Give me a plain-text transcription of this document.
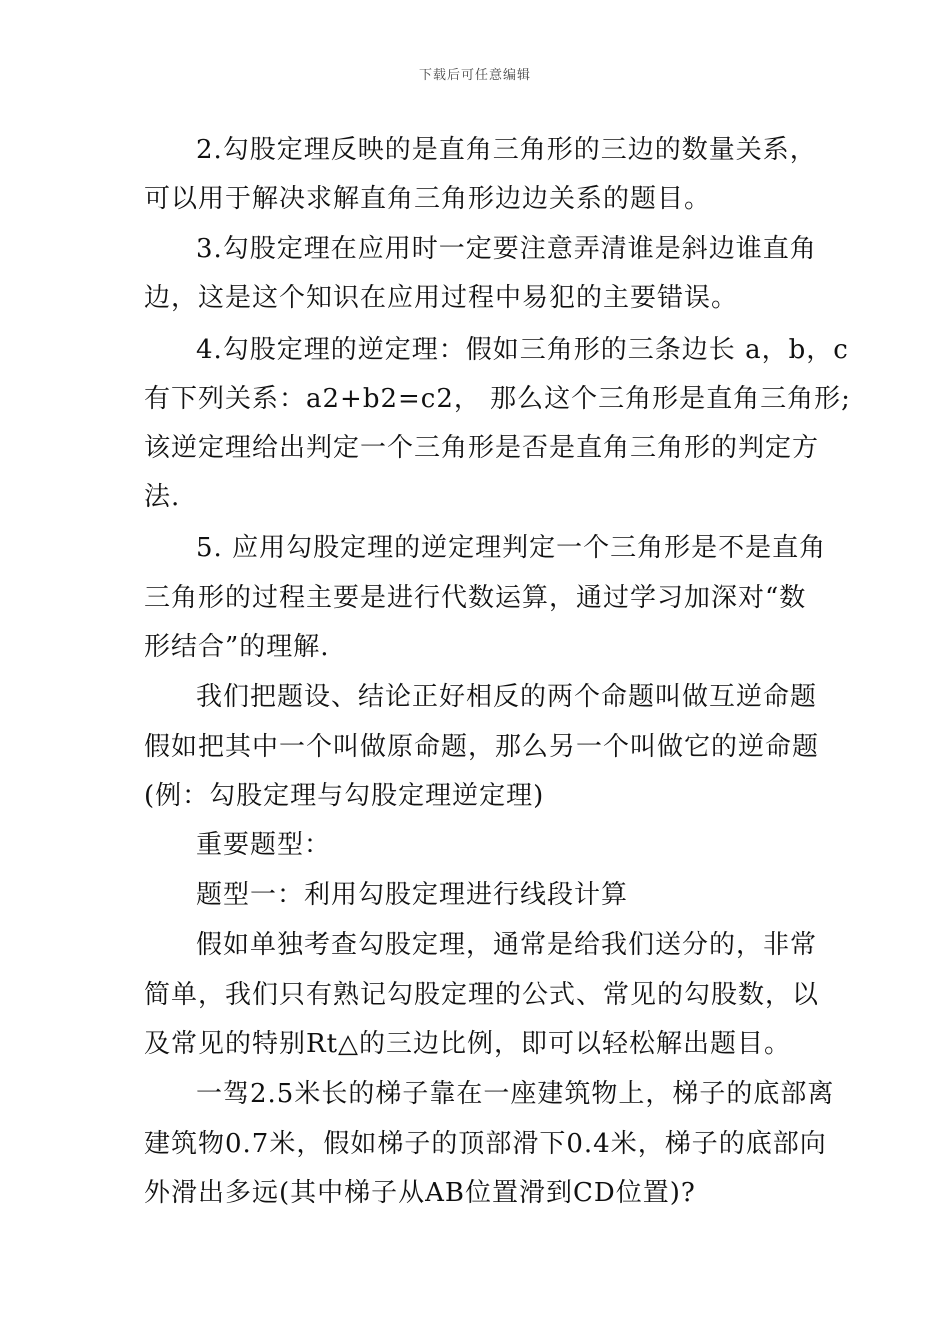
下载后可任意编辑
2.勾股定理反映的是直角三角形的三边的数量关系，
可以用于解决求解直角三角形边边关系的题目。
3.勾股定理在应用时一定要注意弄清谁是斜边谁直角
边，这是这个知识在应用过程中易犯的主要错误。
4.勾股定理的逆定理：假如三角形的三条边长 a，b，c
有下列关系：a2+b2=c2， 那么这个三角形是直角三角形;
该逆定理给出判定一个三角形是否是直角三角形的判定方
法.
5. 应用勾股定理的逆定理判定一个三角形是不是直角
三角形的过程主要是进行代数运算，通过学习加深对“数
形结合”的理解.
我们把题设、结论正好相反的两个命题叫做互逆命题
假如把其中一个叫做原命题，那么另一个叫做它的逆命题
(例：勾股定理与勾股定理逆定理)
重要题型：
题型一：利用勾股定理进行线段计算
假如单独考查勾股定理，通常是给我们送分的，非常
简单，我们只有熟记勾股定理的公式、常见的勾股数，以
及常见的特别Rt△的三边比例，即可以轻松解出题目。
一驾2.5米长的梯子靠在一座建筑物上，梯子的底部离
建筑物0.7米，假如梯子的顶部滑下0.4米，梯子的底部向
外滑出多远(其中梯子从AB位置滑到CD位置)?
